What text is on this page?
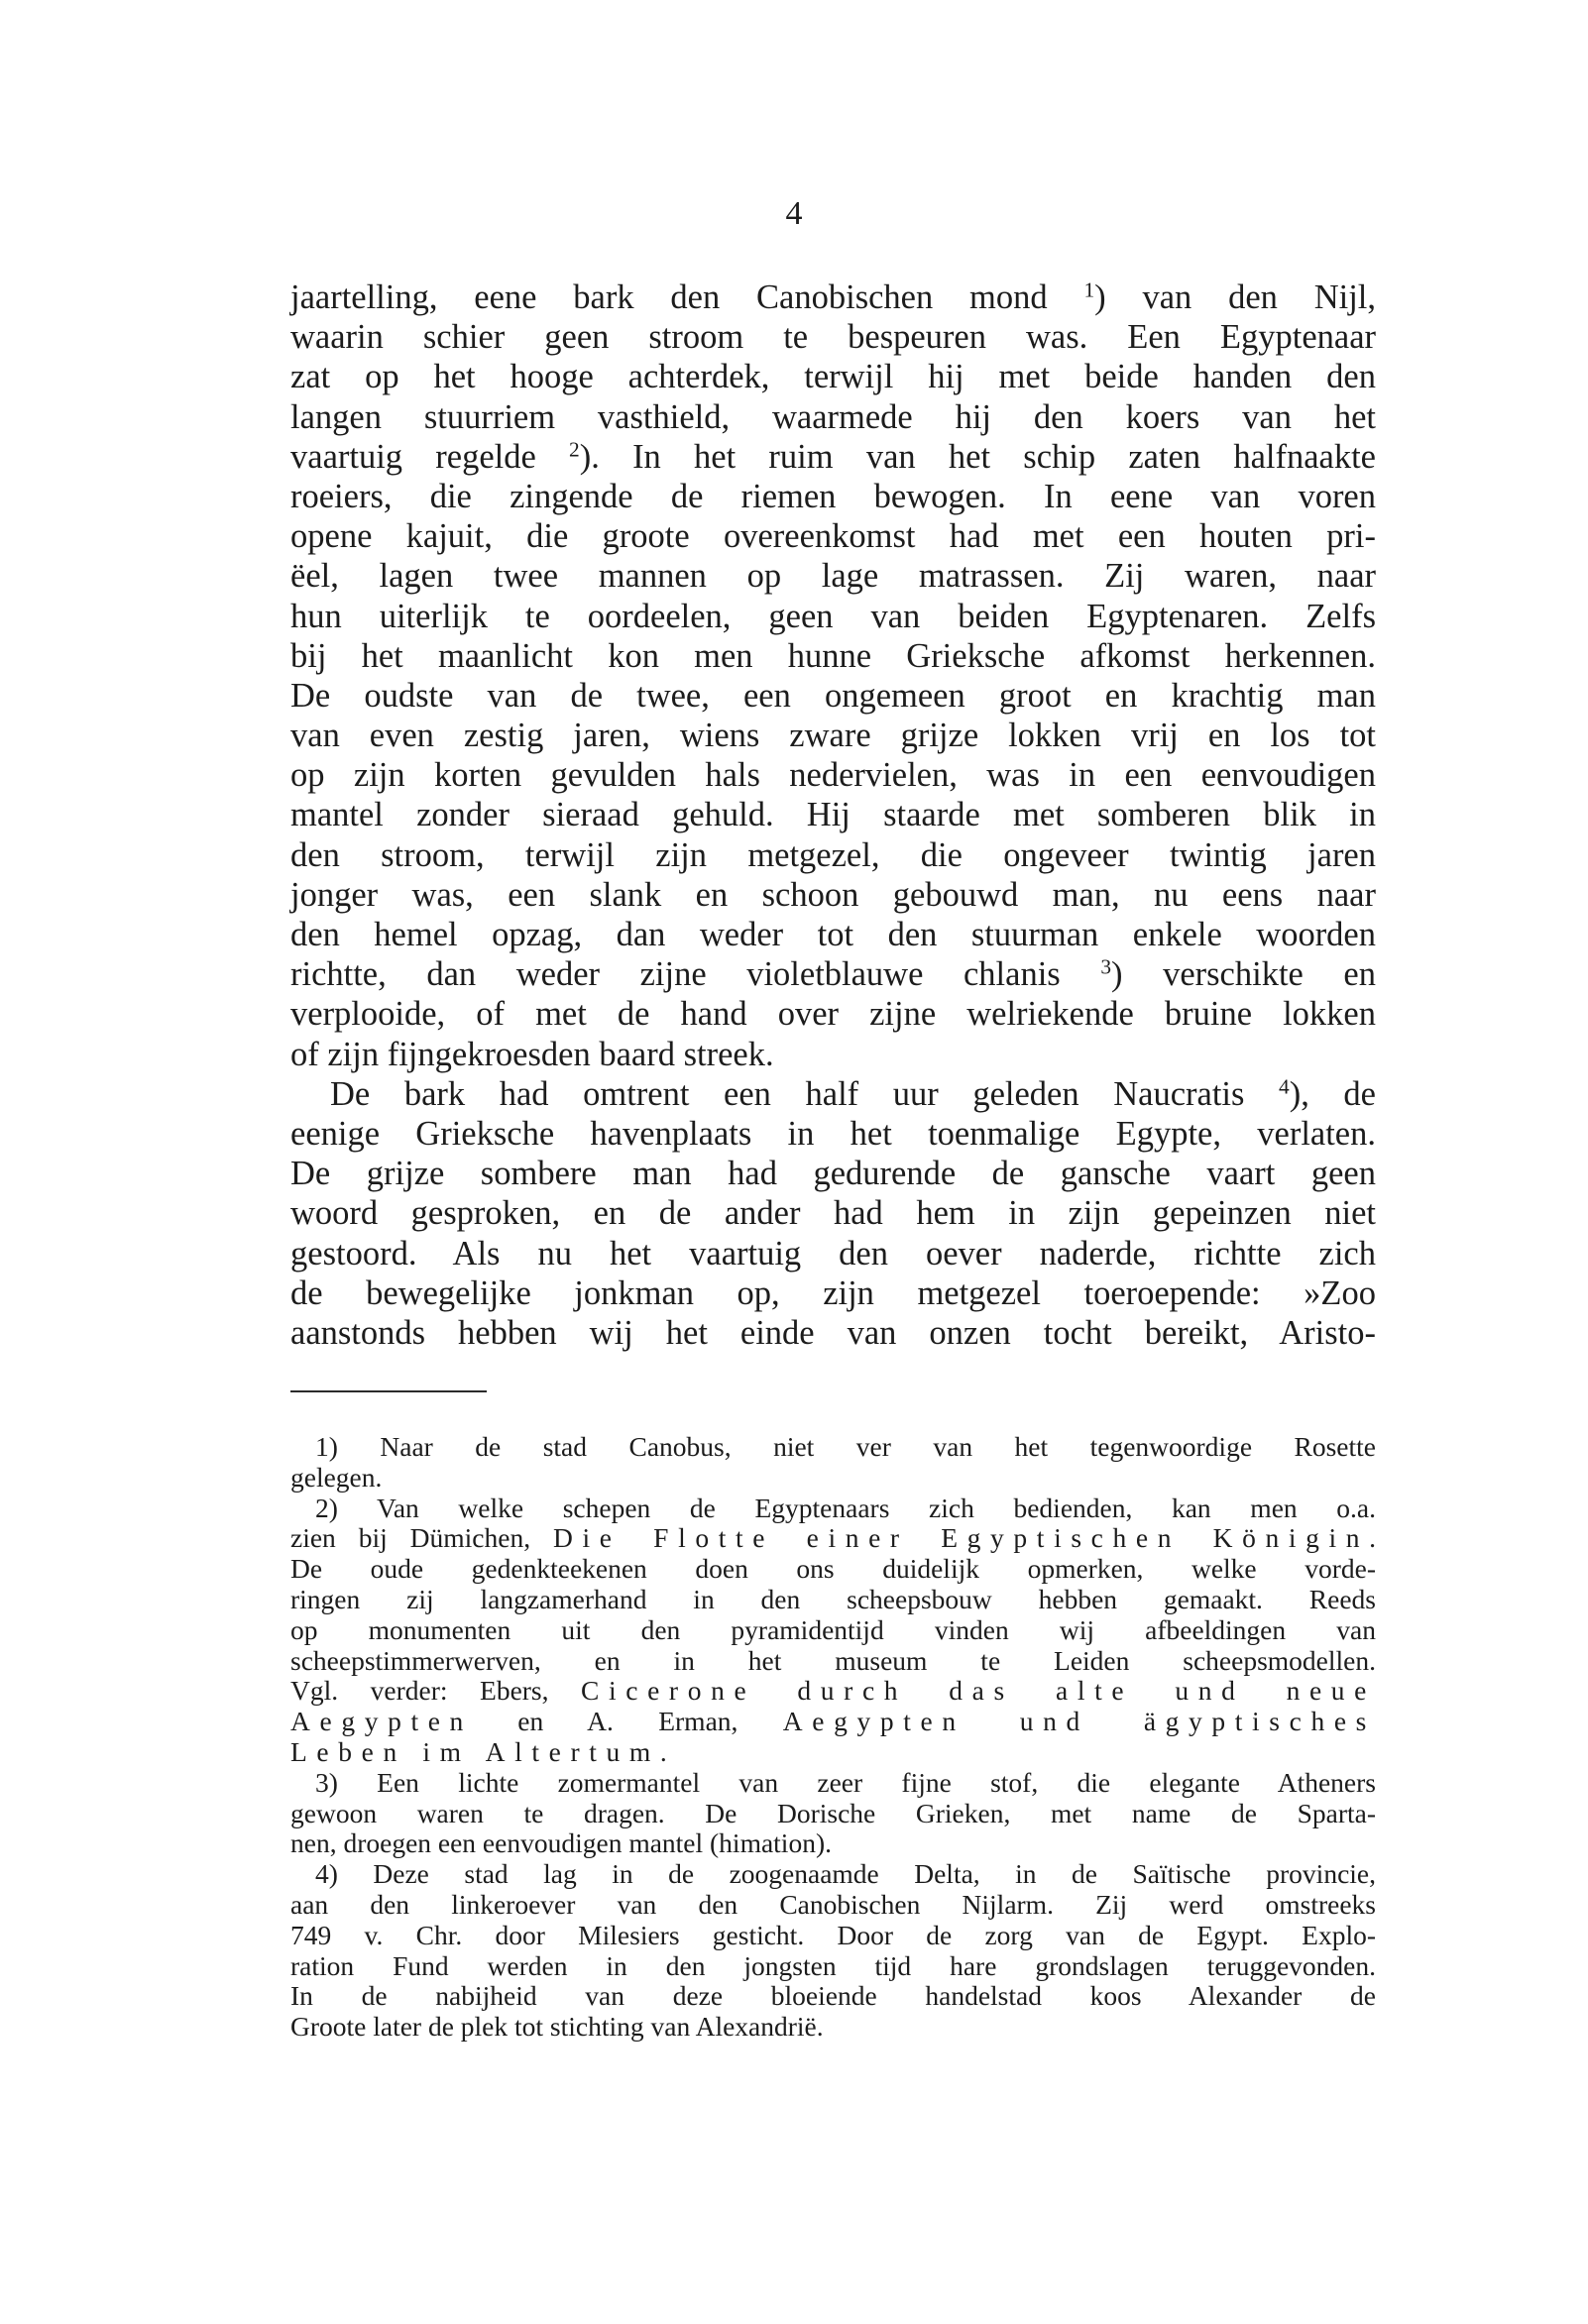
4
jaartelling, eene bark den Canobischen mond $^1$) van den Nijl,
waarin schier geen stroom te bespeuren was. Een Egyptenaar
zat op het hooge achterdek, terwijl hij met beide handen den
langen stuurriem vasthield, waarmede hij den koers van het
vaartuig regelde $^2$). In het ruim van het schip zaten halfnaakte
roeiers, die zingende de riemen bewogen. In eene van voren
opene kajuit, die groote overeenkomst had met een houten pri-
ëel, lagen twee mannen op lage matrassen. Zij waren, naar
hun uiterlijk te oordeelen, geen van beiden Egyptenaren. Zelfs
bij het maanlicht kon men hunne Grieksche afkomst herkennen.
De oudste van de twee, een ongemeen groot en krachtig man
van even zestig jaren, wiens zware grijze lokken vrij en los tot
op zijn korten gevulden hals nedervielen, was in een eenvoudigen
mantel zonder sieraad gehuld. Hij staarde met somberen blik in
den stroom, terwijl zijn metgezel, die ongeveer twintig jaren
jonger was, een slank en schoon gebouwd man, nu eens naar
den hemel opzag, dan weder tot den stuurman enkele woorden
richtte, dan weder zijne violetblauwe chlanis $^3$) verschikte en
verplooide, of met de hand over zijne welriekende bruine lokken
of zijn fijngekroesden baard streek.
De bark had omtrent een half uur geleden Naucratis $^4$), de
eenige Grieksche havenplaats in het toenmalige Egypte, verlaten.
De grijze sombere man had gedurende de gansche vaart geen
woord gesproken, en de ander had hem in zijn gepeinzen niet
gestoord. Als nu het vaartuig den oever naderde, richtte zich
de bewegelijke jonkman op, zijn metgezel toeroepende: »Zoo
aanstonds hebben wij het einde van onzen tocht bereikt, Aristo-
1) Naar de stad Canobus, niet ver van het tegenwoordige Rosette
gelegen.
2) Van welke schepen de Egyptenaars zich bedienden, kan men o.a.
zien bij Dümichen, Die Flotte einer Egyptischen Königin.
De oude gedenkteekenen doen ons duidelijk opmerken, welke vorde-
ringen zij langzamerhand in den scheepsbouw hebben gemaakt. Reeds
op monumenten uit den pyramidentijd vinden wij afbeeldingen van
scheepstimmerwerven, en in het museum te Leiden scheepsmodellen.
Vgl. verder: Ebers, Cicerone durch das alte und neue
Aegypten en A. Erman, Aegypten und ägyptisches
Leben im Altertum.
3) Een lichte zomermantel van zeer fijne stof, die elegante Atheners
gewoon waren te dragen. De Dorische Grieken, met name de Sparta-
nen, droegen een eenvoudigen mantel (himation).
4) Deze stad lag in de zoogenaamde Delta, in de Saïtische provincie,
aan den linkeroever van den Canobischen Nijlarm. Zij werd omstreeks
749 v. Chr. door Milesiers gesticht. Door de zorg van de Egypt. Explo-
ration Fund werden in den jongsten tijd hare grondslagen teruggevonden.
In de nabijheid van deze bloeiende handelstad koos Alexander de
Groote later de plek tot stichting van Alexandrië.
